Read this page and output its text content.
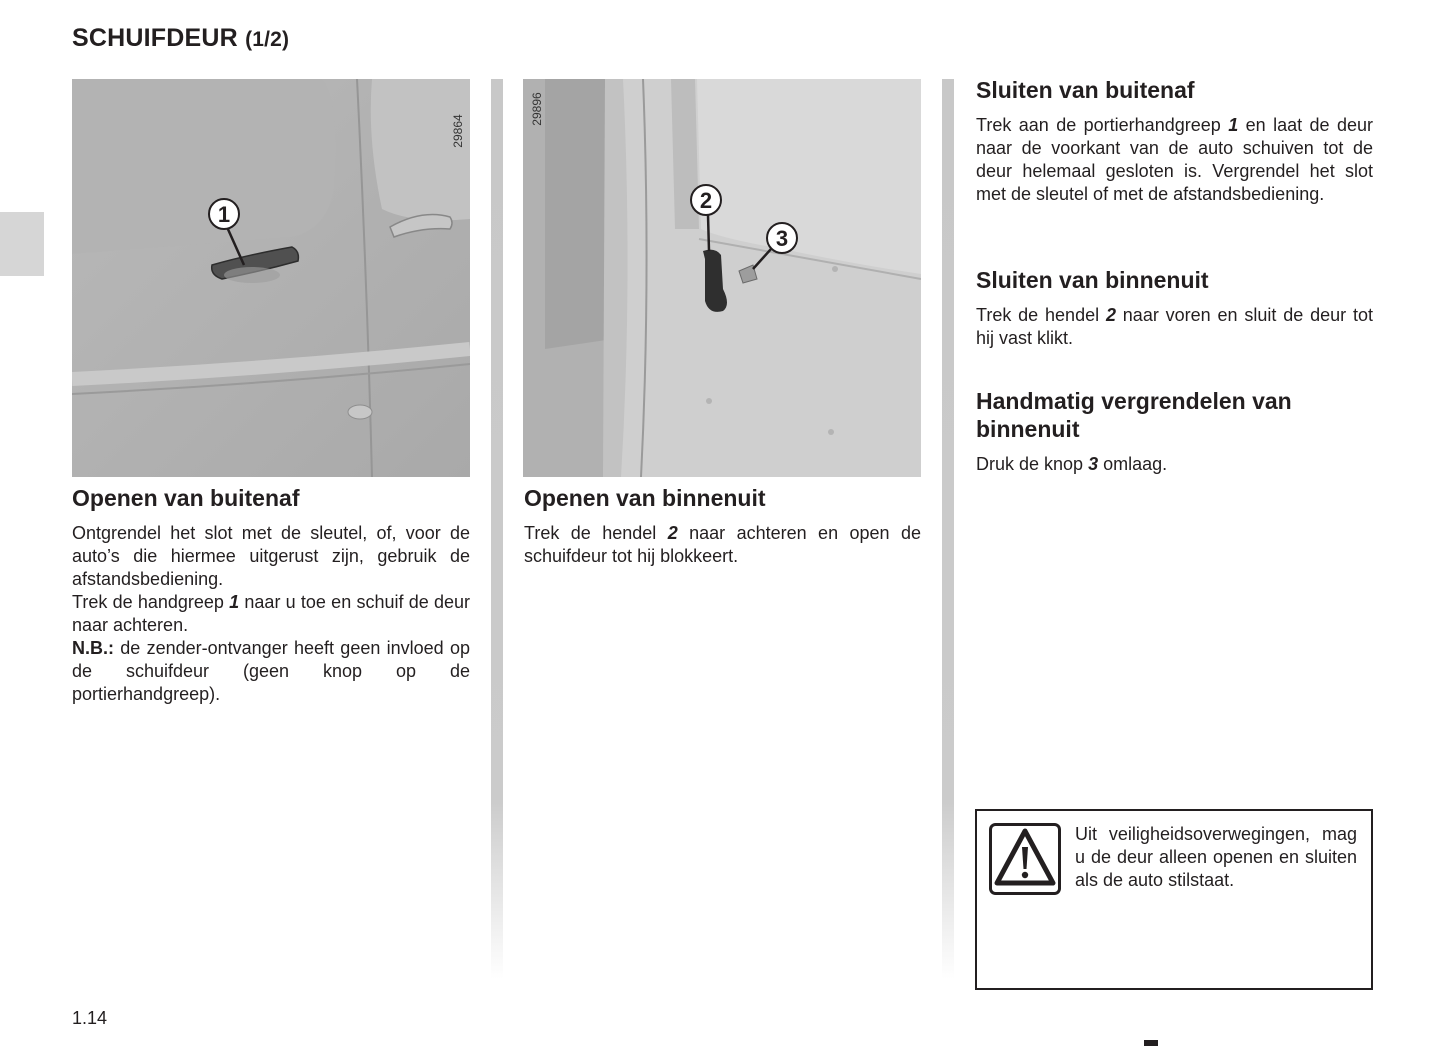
SCHUIFDEUR (1/2)
1
29864
2
3
29896
Openen van buitenaf
Ontgrendel het slot met de sleutel, of, voor de auto’s die hiermee uitgerust zijn, gebruik de afstandsbediening.
Trek de handgreep 1 naar u toe en schuif de deur naar achteren.
N.B.: de zender-ontvanger heeft geen invloed op de schuifdeur (geen knop op de portierhandgreep).
Openen van binnenuit
Trek de hendel 2 naar achteren en open de schuifdeur tot hij blokkeert.
Sluiten van buitenaf
Trek aan de portierhandgreep 1 en laat de deur naar de voorkant van de auto schuiven tot de deur helemaal gesloten is. Vergrendel het slot met de sleutel of met de afstandsbediening.
Sluiten van binnenuit
Trek de hendel 2 naar voren en sluit de deur tot hij vast klikt.
Handmatig vergrendelen van binnenuit
Druk de knop 3 omlaag.
Uit veiligheidsoverwegingen, mag u de deur alleen openen en sluiten als de auto stilstaat.
1.14
